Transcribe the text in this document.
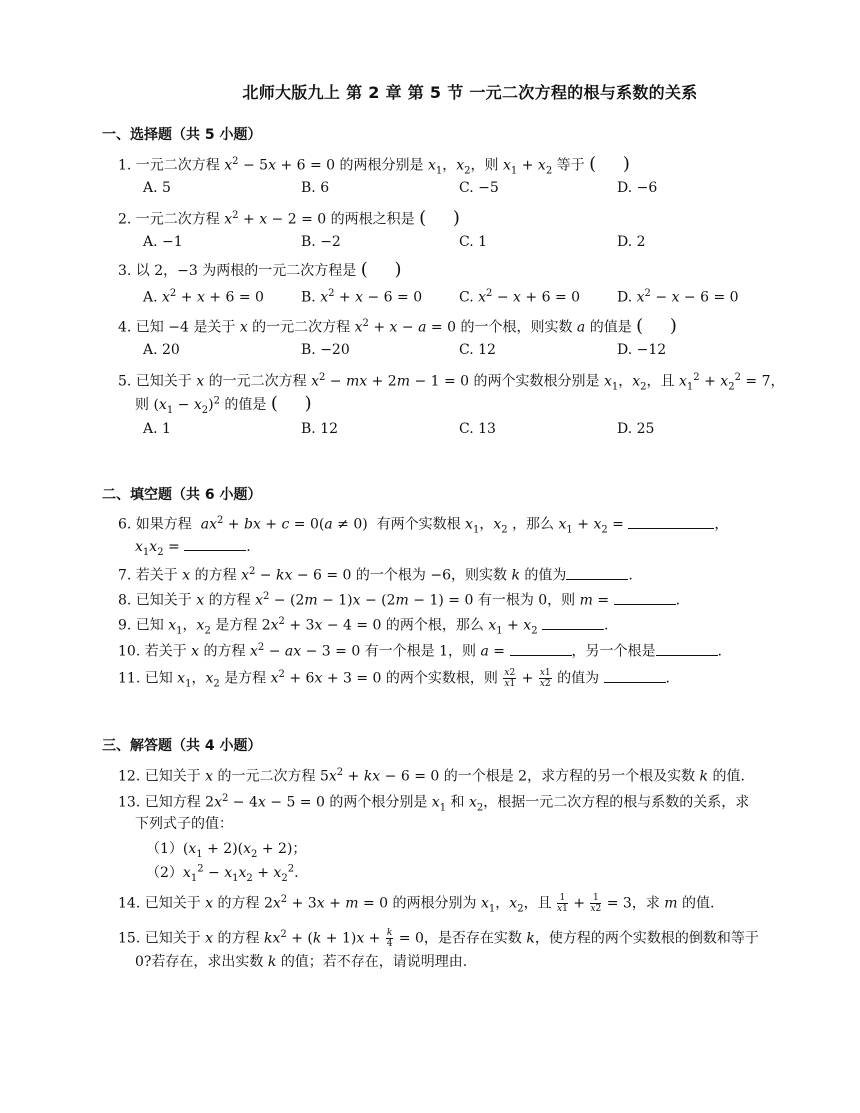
北师大版九上 第 2 章 第 5 节 一元二次方程的根与系数的关系
一、选择题（共 5 小题）
1. 一元二次方程 $x^2 - 5x + 6 = 0$ 的两根分别是 $x_1$，$x_2$，则 $x_1 + x_2$ 等于 ( )
A. 5	B. 6	C. −5	D. −6
2. 一元二次方程 $x^2 + x - 2 = 0$ 的两根之积是 ( )
A. −1	B. −2	C. 1	D. 2
3. 以 2，−3 为两根的一元二次方程是 ( )
A. $x^2 + x + 6 = 0$	B. $x^2 + x - 6 = 0$	C. $x^2 - x + 6 = 0$	D. $x^2 - x - 6 = 0$
4. 已知 −4 是关于 x 的一元二次方程 $x^2 + x - a = 0$ 的一个根，则实数 a 的值是 ( )
A. 20	B. −20	C. 12	D. −12
5. 已知关于 x 的一元二次方程 $x^2$ − mx + 2m − 1 = 0 的两个实数根分别是 $x_1$，$x_2$，且 $x_1^2 + x_2^2 = 7$，
则 $(x_1 - x_2)^2$ 的值是 ( )
A. 1	B. 12	C. 13	D. 25
二、填空题（共 6 小题）
6. 如果方程 $ax^2$ + bx + c = 0(a ≠ 0)  有两个实数根 $x_1$，$x_2$ ，那么 $x_1 + x_2$ =	，
$x_1x_2$ =	.
7. 若关于 x 的方程 $x^2$ − kx − 6 = 0 的一个根为 −6，则实数 k 的值为	.
8. 已知关于 x 的方程 $x^2 - (2m - 1)x - (2m - 1) = 0$ 有一根为 0，则 m =	.
9. 已知 $x_1$，$x_2$ 是方程 $2x^2 + 3x - 4 = 0$ 的两个根，那么 $x_1 + x_2$	.
10. 若关于 x 的方程 $x^2$ − ax − 3 = 0 有一个根是 1，则 a =	，另一个根是	.
11. 已知 $x_1$，$x_2$ 是方程 $x^2 + 6x + 3 = 0$ 的两个实数根，则 $\frac{x2}{x1} + \frac{x1}{x2}$ 的值为	.
三、解答题（共 4 小题）
12. 已知关于 x 的一元二次方程 $5x^2$ + kx − 6 = 0 的一个根是 2，求方程的另一个根及实数 k 的值.
13. 已知方程 $2x^2 - 4x - 5 = 0$ 的两个根分别是 $x_1$ 和 $x_2$，根据一元二次方程的根与系数的关系，求
下列式子的值：
$(1)(x_1 + 2)(x_2 + 2)$；
$(2)x_1^2 - x_1x_2 + x_2^2$.
14. 已知关于 x 的方程 $2x^2 + 3x + m = 0$ 的两根分别为 $x_1$，$x_2$，且 $\frac{1}{x1} + \frac{1}{x2} = 3$，求 m 的值.
15. 已知关于 x 的方程 $kx^2 + (k + 1)x + \frac{k}{4} = 0$，是否存在实数 k，使方程的两个实数根的倒数和等于
0?若存在，求出实数 k 的值；若不存在，请说明理由.
